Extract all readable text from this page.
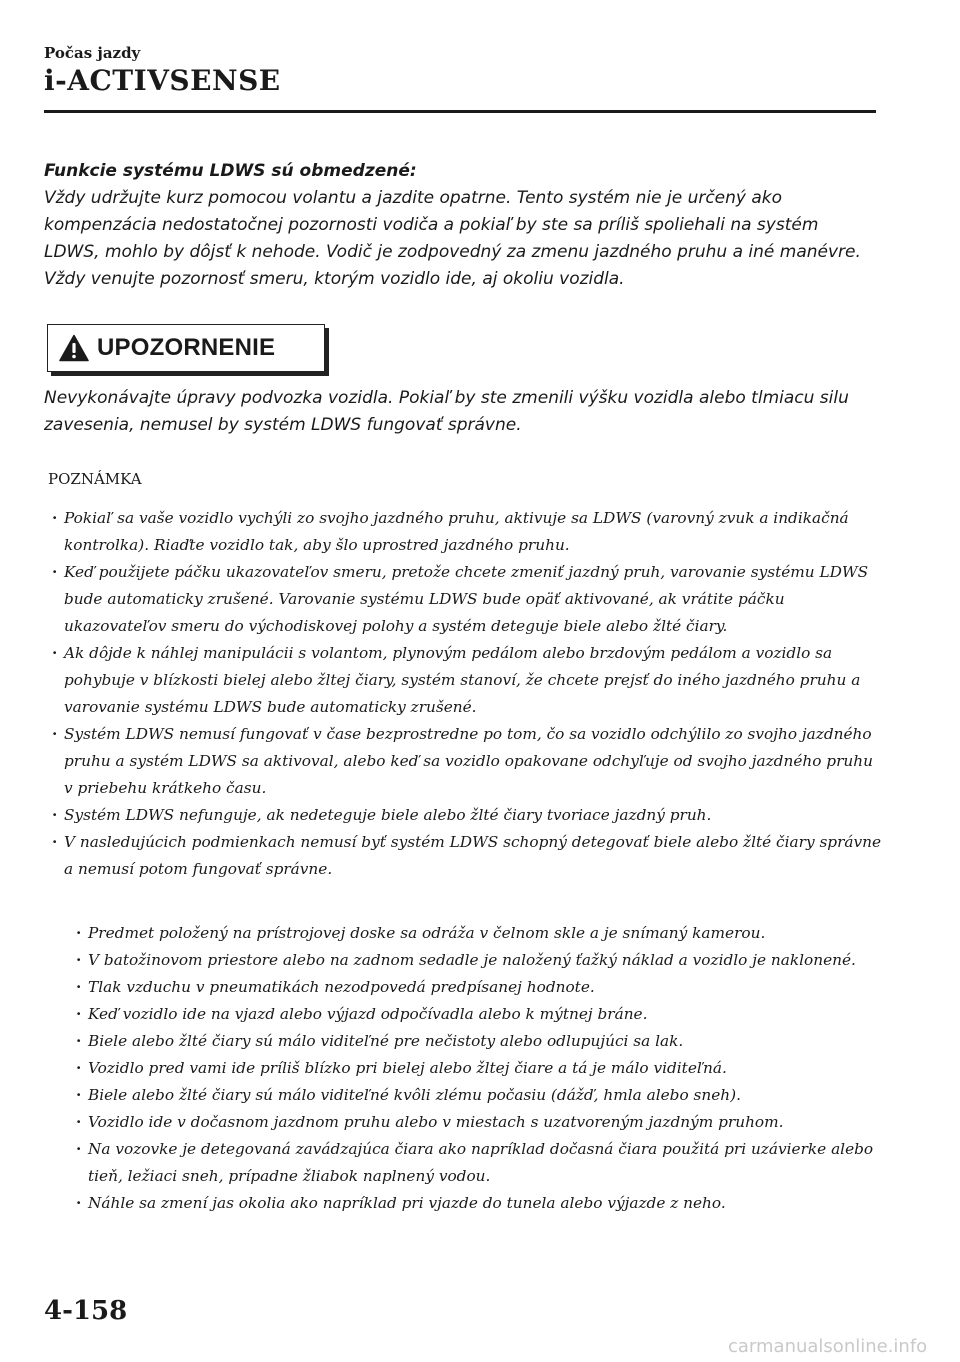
Počas jazdy
i-ACTIVSENSE

Funkcie systému LDWS sú obmedzené:

Vždy udržujte kurz pomocou volantu a jazdite opatrne. Tento systém nie je určený ako kompenzácia nedostatočnej pozornosti vodiča a pokiaľ by ste sa príliš spoliehali na systém LDWS, mohlo by dôjsť k nehode. Vodič je zodpovedný za zmenu jazdného pruhu a iné manévre. Vždy venujte pozornosť smeru, ktorým vozidlo ide, aj okoliu vozidla.

UPOZORNENIE

Nevykonávajte úpravy podvozka vozidla. Pokiaľ by ste zmenili výšku vozidla alebo tlmiacu silu zavesenia, nemusel by systém LDWS fungovať správne.

POZNÁMKA
· Pokiaľ sa vaše vozidlo vychýli zo svojho jazdného pruhu, aktivuje sa LDWS (varovný zvuk a indikačná kontrolka). Riaďte vozidlo tak, aby šlo uprostred jazdného pruhu.
· Keď použijete páčku ukazovateľov smeru, pretože chcete zmeniť jazdný pruh, varovanie systému LDWS bude automaticky zrušené. Varovanie systému LDWS bude opäť aktivované, ak vrátite páčku ukazovateľov smeru do východiskovej polohy a systém deteguje biele alebo žlté čiary.
· Ak dôjde k náhlej manipulácii s volantom, plynovým pedálom alebo brzdovým pedálom a vozidlo sa pohybuje v blízkosti bielej alebo žltej čiary, systém stanoví, že chcete prejsť do iného jazdného pruhu a varovanie systému LDWS bude automaticky zrušené.
· Systém LDWS nemusí fungovať v čase bezprostredne po tom, čo sa vozidlo odchýlilo zo svojho jazdného pruhu a systém LDWS sa aktivoval, alebo keď sa vozidlo opakovane odchyľuje od svojho jazdného pruhu v priebehu krátkeho času.
· Systém LDWS nefunguje, ak nedeteguje biele alebo žlté čiary tvoriace jazdný pruh.
· V nasledujúcich podmienkach nemusí byť systém LDWS schopný detegovať biele alebo žlté čiary správne a nemusí potom fungovať správne.
· Predmet položený na prístrojovej doske sa odráža v čelnom skle a je snímaný kamerou.
· V batožinovom priestore alebo na zadnom sedadle je naložený ťažký náklad a vozidlo je naklonené.
· Tlak vzduchu v pneumatikách nezodpovedá predpísanej hodnote.
· Keď vozidlo ide na vjazd alebo výjazd odpočívadla alebo k mýtnej bráne.
· Biele alebo žlté čiary sú málo viditeľné pre nečistoty alebo odlupujúci sa lak.
· Vozidlo pred vami ide príliš blízko pri bielej alebo žltej čiare a tá je málo viditeľná.
· Biele alebo žlté čiary sú málo viditeľné kvôli zlému počasiu (dážď, hmla alebo sneh).
· Vozidlo ide v dočasnom jazdnom pruhu alebo v miestach s uzatvoreným jazdným pruhom.
· Na vozovke je detegovaná zavádzajúca čiara ako napríklad dočasná čiara použitá pri uzávierke alebo tieň, ležiaci sneh, prípadne žliabok naplnený vodou.
· Náhle sa zmení jas okolia ako napríklad pri vjazde do tunela alebo výjazde z neho.
4-158
carmanualsonline.info
